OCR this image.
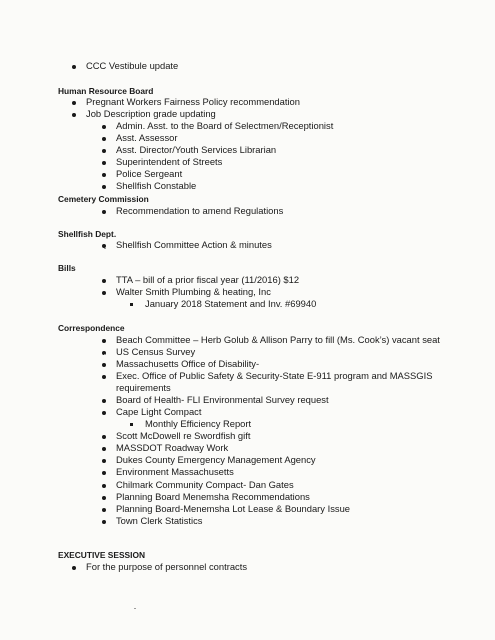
CCC Vestibule update
Human Resource Board
Pregnant Workers Fairness Policy recommendation
Job Description grade updating
Admin. Asst. to the Board of Selectmen/Receptionist
Asst. Assessor
Asst. Director/Youth Services Librarian
Superintendent of Streets
Police Sergeant
Shellfish Constable
Cemetery Commission
Recommendation to amend Regulations
Shellfish Dept.
Shellfish Committee Action & minutes
Bills
TTA – bill of a prior fiscal year (11/2016) $12
Walter Smith Plumbing & heating, Inc
January 2018 Statement and Inv. #69940
Correspondence
Beach Committee – Herb Golub & Allison Parry to fill (Ms. Cook’s) vacant seat
US Census Survey
Massachusetts Office of Disability-
Exec. Office of Public Safety & Security-State E-911 program and MASSGIS
requirements
Board of Health- FLI Environmental Survey request
Cape Light Compact
Monthly Efficiency Report
Scott McDowell re Swordfish gift
MASSDOT Roadway Work
Dukes County Emergency Management Agency
Environment Massachusetts
Chilmark Community Compact- Dan Gates
Planning Board Menemsha Recommendations
Planning Board-Menemsha Lot Lease & Boundary Issue
Town Clerk Statistics
EXECUTIVE SESSION
For the purpose of personnel contracts
